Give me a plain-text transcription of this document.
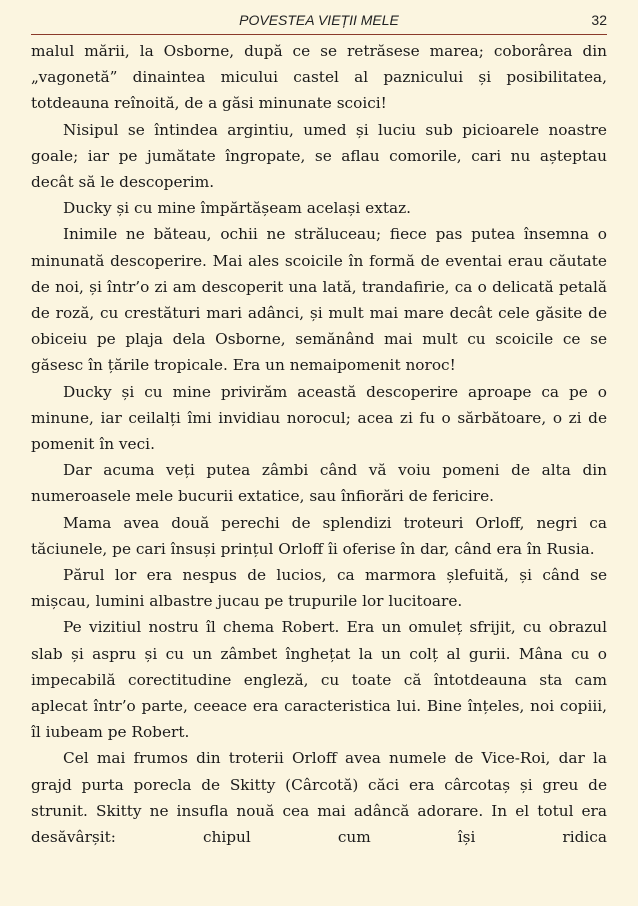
POVESTEA VIEȚII MELE	32

malul mării, la Osborne, după ce se retrăsese marea; coborârea din „vagonetă” dinaintea micului castel al paznicului și posibilitatea, totdeauna reînoită, de a găsi minunate scoici!

Nisipul se întindea argintiu, umed și luciu sub picioarele noastre goale; iar pe jumătate îngropate, se aflau comorile, cari nu așteptau decât să le descoperim.

Ducky și cu mine împărtășeam același extaz.

Inimile ne băteau, ochii ne străluceau; fiece pas putea însemna o minunată descoperire. Mai ales scoicile în formă de eventai erau căutate de noi, și într’o zi am descoperit una lată, trandafirie, ca o delicată petală de roză, cu crestături mari adânci, și mult mai mare decât cele găsite de obiceiu pe plaja dela Osborne, semănând mai mult cu scoicile ce se găsesc în țările tropicale. Era un nemaipomenit noroc!

Ducky și cu mine privirăm această descoperire aproape ca pe o minune, iar ceilalți îmi invidiau norocul; acea zi fu o sărbătoare, o zi de pomenit în veci.

Dar acuma veți putea zâmbi când vă voiu pomeni de alta din numeroasele mele bucurii extatice, sau înfiorări de fericire.

Mama avea două perechi de splendizi troteuri Orloff, negri ca tăciunele, pe cari însuși prințul Orloff îi oferise în dar, când era în Rusia.

Părul lor era nespus de lucios, ca marmora șlefuită, și când se mișcau, lumini albastre jucau pe trupurile lor lucitoare.

Pe vizitiul nostru îl chema Robert. Era un omuleț sfrijit, cu obrazul slab și aspru și cu un zâmbet înghețat la un colț al gurii. Mâna cu o impecabilă corectitudine engleză, cu toate că întotdeauna sta cam aplecat într’o parte, ceeace era caracteristica lui. Bine înțeles, noi copiii, îl iubeam pe Robert.

Cel mai frumos din troterii Orloff avea numele de Vice-Roi, dar la grajd purta porecla de Skitty (Cârcotă) căci era cârcotaș și greu de strunit. Skitty ne insufla nouă cea mai adâncă adorare. In el totul era desăvârșit: chipul cum își ridica
